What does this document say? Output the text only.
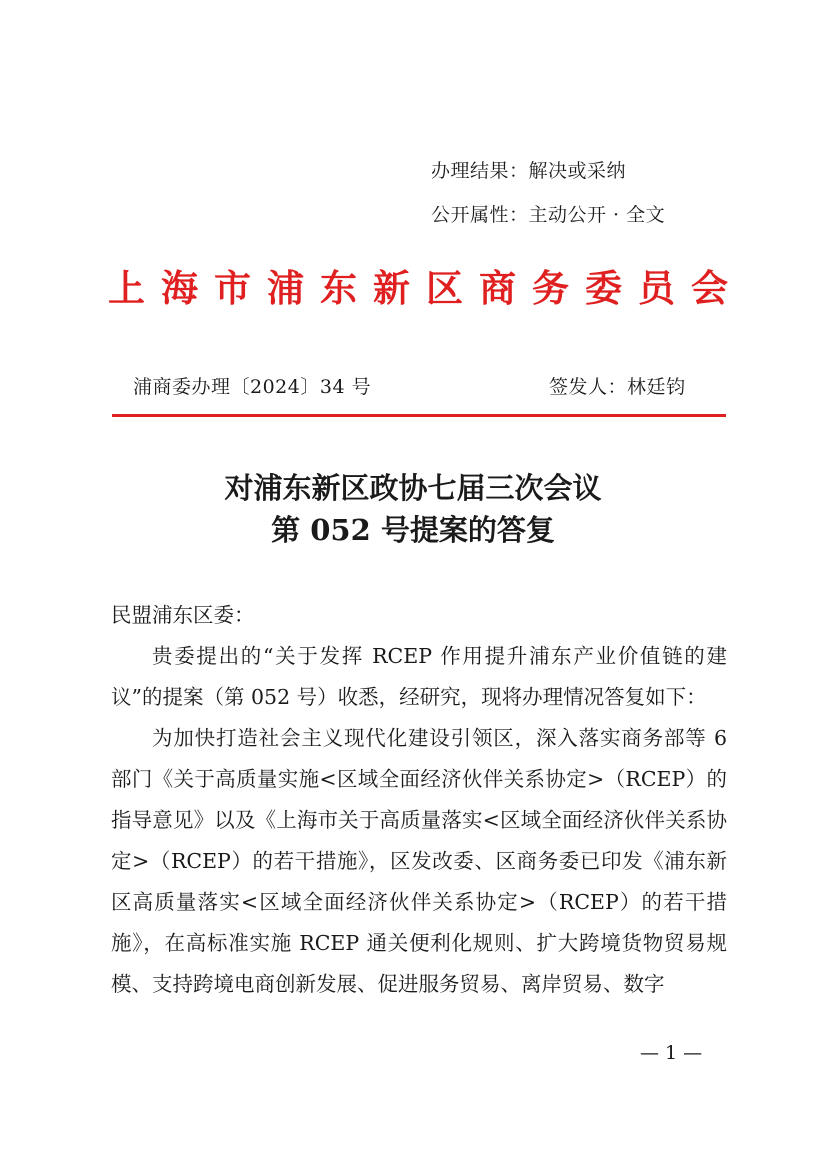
办理结果：解决或采纳
公开属性：主动公开 · 全文
上 海 市 浦 东 新 区 商 务 委 员 会
浦商委办理〔2024〕34 号	签发人：林廷钧
对浦东新区政协七届三次会议
第 052 号提案的答复
民盟浦东区委：
贵委提出的“关于发挥 RCEP 作用提升浦东产业价值链的建议”的提案（第 052 号）收悉，经研究，现将办理情况答复如下：
为加快打造社会主义现代化建设引领区，深入落实商务部等 6 部门《关于高质量实施<区域全面经济伙伴关系协定>（RCEP）的指导意见》以及《上海市关于高质量落实<区域全面经济伙伴关系协定>（RCEP）的若干措施》，区发改委、区商务委已印发《浦东新区高质量落实<区域全面经济伙伴关系协定>（RCEP）的若干措施》，在高标准实施 RCEP 通关便利化规则、扩大跨境货物贸易规模、支持跨境电商创新发展、促进服务贸易、离岸贸易、数字
— 1 —
